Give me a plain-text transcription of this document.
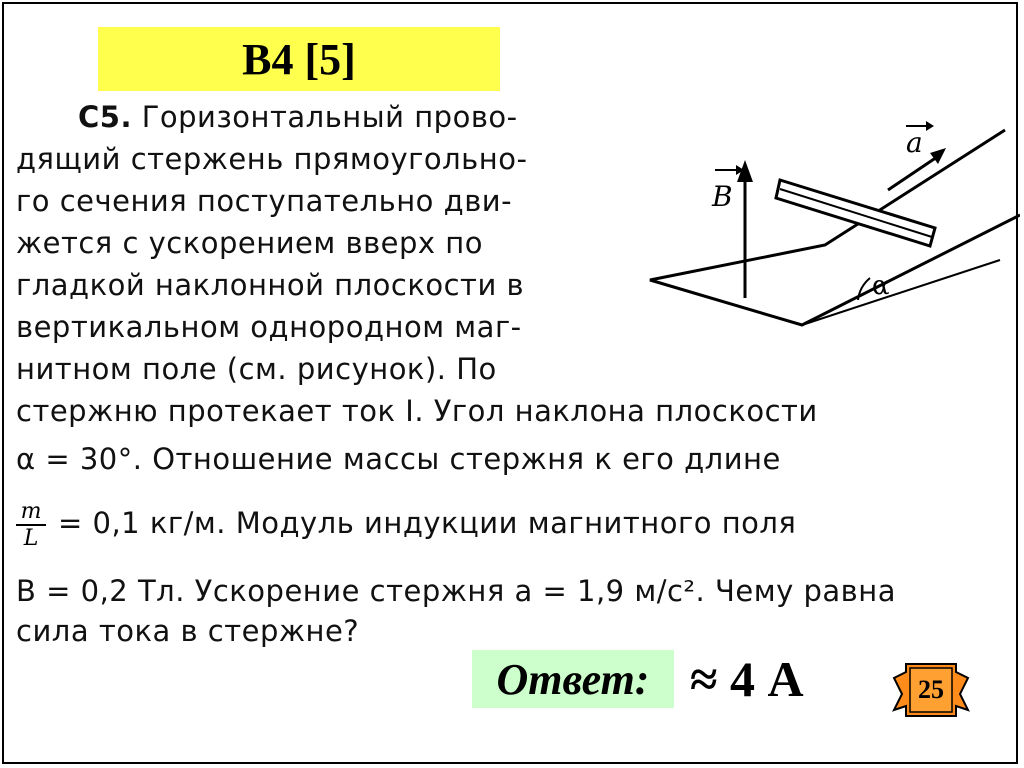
В4 [5]
С5. Горизонтальный прово-
дящий стержень прямоугольно-
го сечения поступательно дви-
жется с ускорением вверх по
гладкой наклонной плоскости в
вертикальном однородном маг-
нитном поле (см. рисунок). По
стержню протекает ток I. Угол наклона плоскости
α = 30°. Отношение массы стержня к его длине
$\frac{m}{L} = 0,1$ кг/м. Модуль индукции магнитного поля
B = 0,2 Тл. Ускорение стержня a = 1,9 м/с². Чему равна
сила тока в стержне?
B
a
α
Ответ: ≈ 4 А	25
